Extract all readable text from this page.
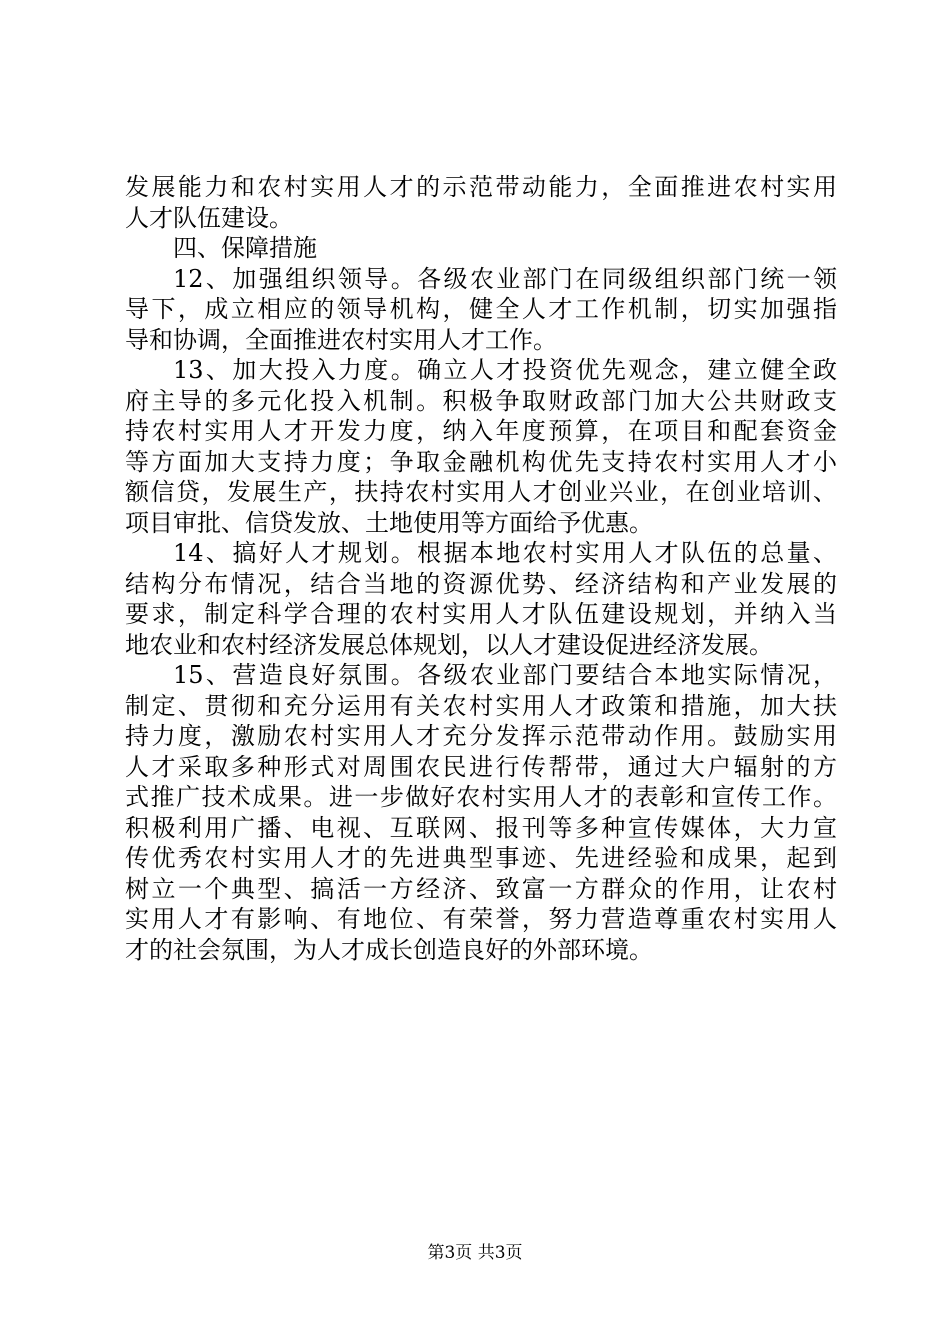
发展能力和农村实用人才的示范带动能力，全面推进农村实用
人才队伍建设。
四、保障措施
12、加强组织领导。各级农业部门在同级组织部门统一领
导下，成立相应的领导机构，健全人才工作机制，切实加强指
导和协调，全面推进农村实用人才工作。
13、加大投入力度。确立人才投资优先观念，建立健全政
府主导的多元化投入机制。积极争取财政部门加大公共财政支
持农村实用人才开发力度，纳入年度预算，在项目和配套资金
等方面加大支持力度；争取金融机构优先支持农村实用人才小
额信贷，发展生产，扶持农村实用人才创业兴业，在创业培训、
项目审批、信贷发放、土地使用等方面给予优惠。
14、搞好人才规划。根据本地农村实用人才队伍的总量、
结构分布情况，结合当地的资源优势、经济结构和产业发展的
要求，制定科学合理的农村实用人才队伍建设规划，并纳入当
地农业和农村经济发展总体规划，以人才建设促进经济发展。
15、营造良好氛围。各级农业部门要结合本地实际情况，
制定、贯彻和充分运用有关农村实用人才政策和措施，加大扶
持力度，激励农村实用人才充分发挥示范带动作用。鼓励实用
人才采取多种形式对周围农民进行传帮带，通过大户辐射的方
式推广技术成果。进一步做好农村实用人才的表彰和宣传工作。
积极利用广播、电视、互联网、报刊等多种宣传媒体，大力宣
传优秀农村实用人才的先进典型事迹、先进经验和成果，起到
树立一个典型、搞活一方经济、致富一方群众的作用，让农村
实用人才有影响、有地位、有荣誉，努力营造尊重农村实用人
才的社会氛围，为人才成长创造良好的外部环境。
第3页 共3页
